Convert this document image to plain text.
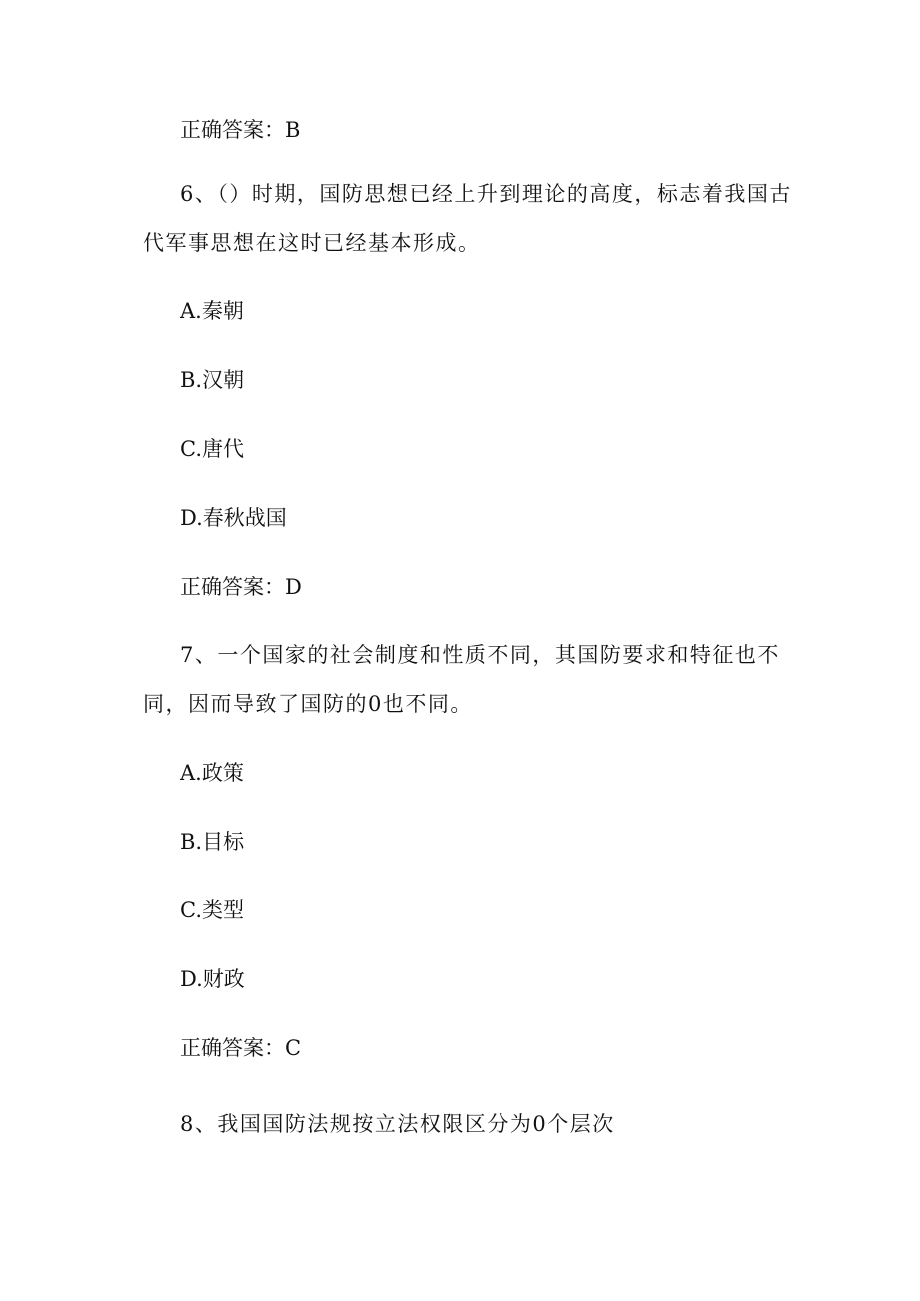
正确答案：B
6、（）时期，国防思想已经上升到理论的高度，标志着我国古
代军事思想在这时已经基本形成。
A.秦朝
B.汉朝
C.唐代
D.春秋战国
正确答案：D
7、一个国家的社会制度和性质不同，其国防要求和特征也不
同，因而导致了国防的0也不同。
A.政策
B.目标
C.类型
D.财政
正确答案：C
8、我国国防法规按立法权限区分为0个层次
